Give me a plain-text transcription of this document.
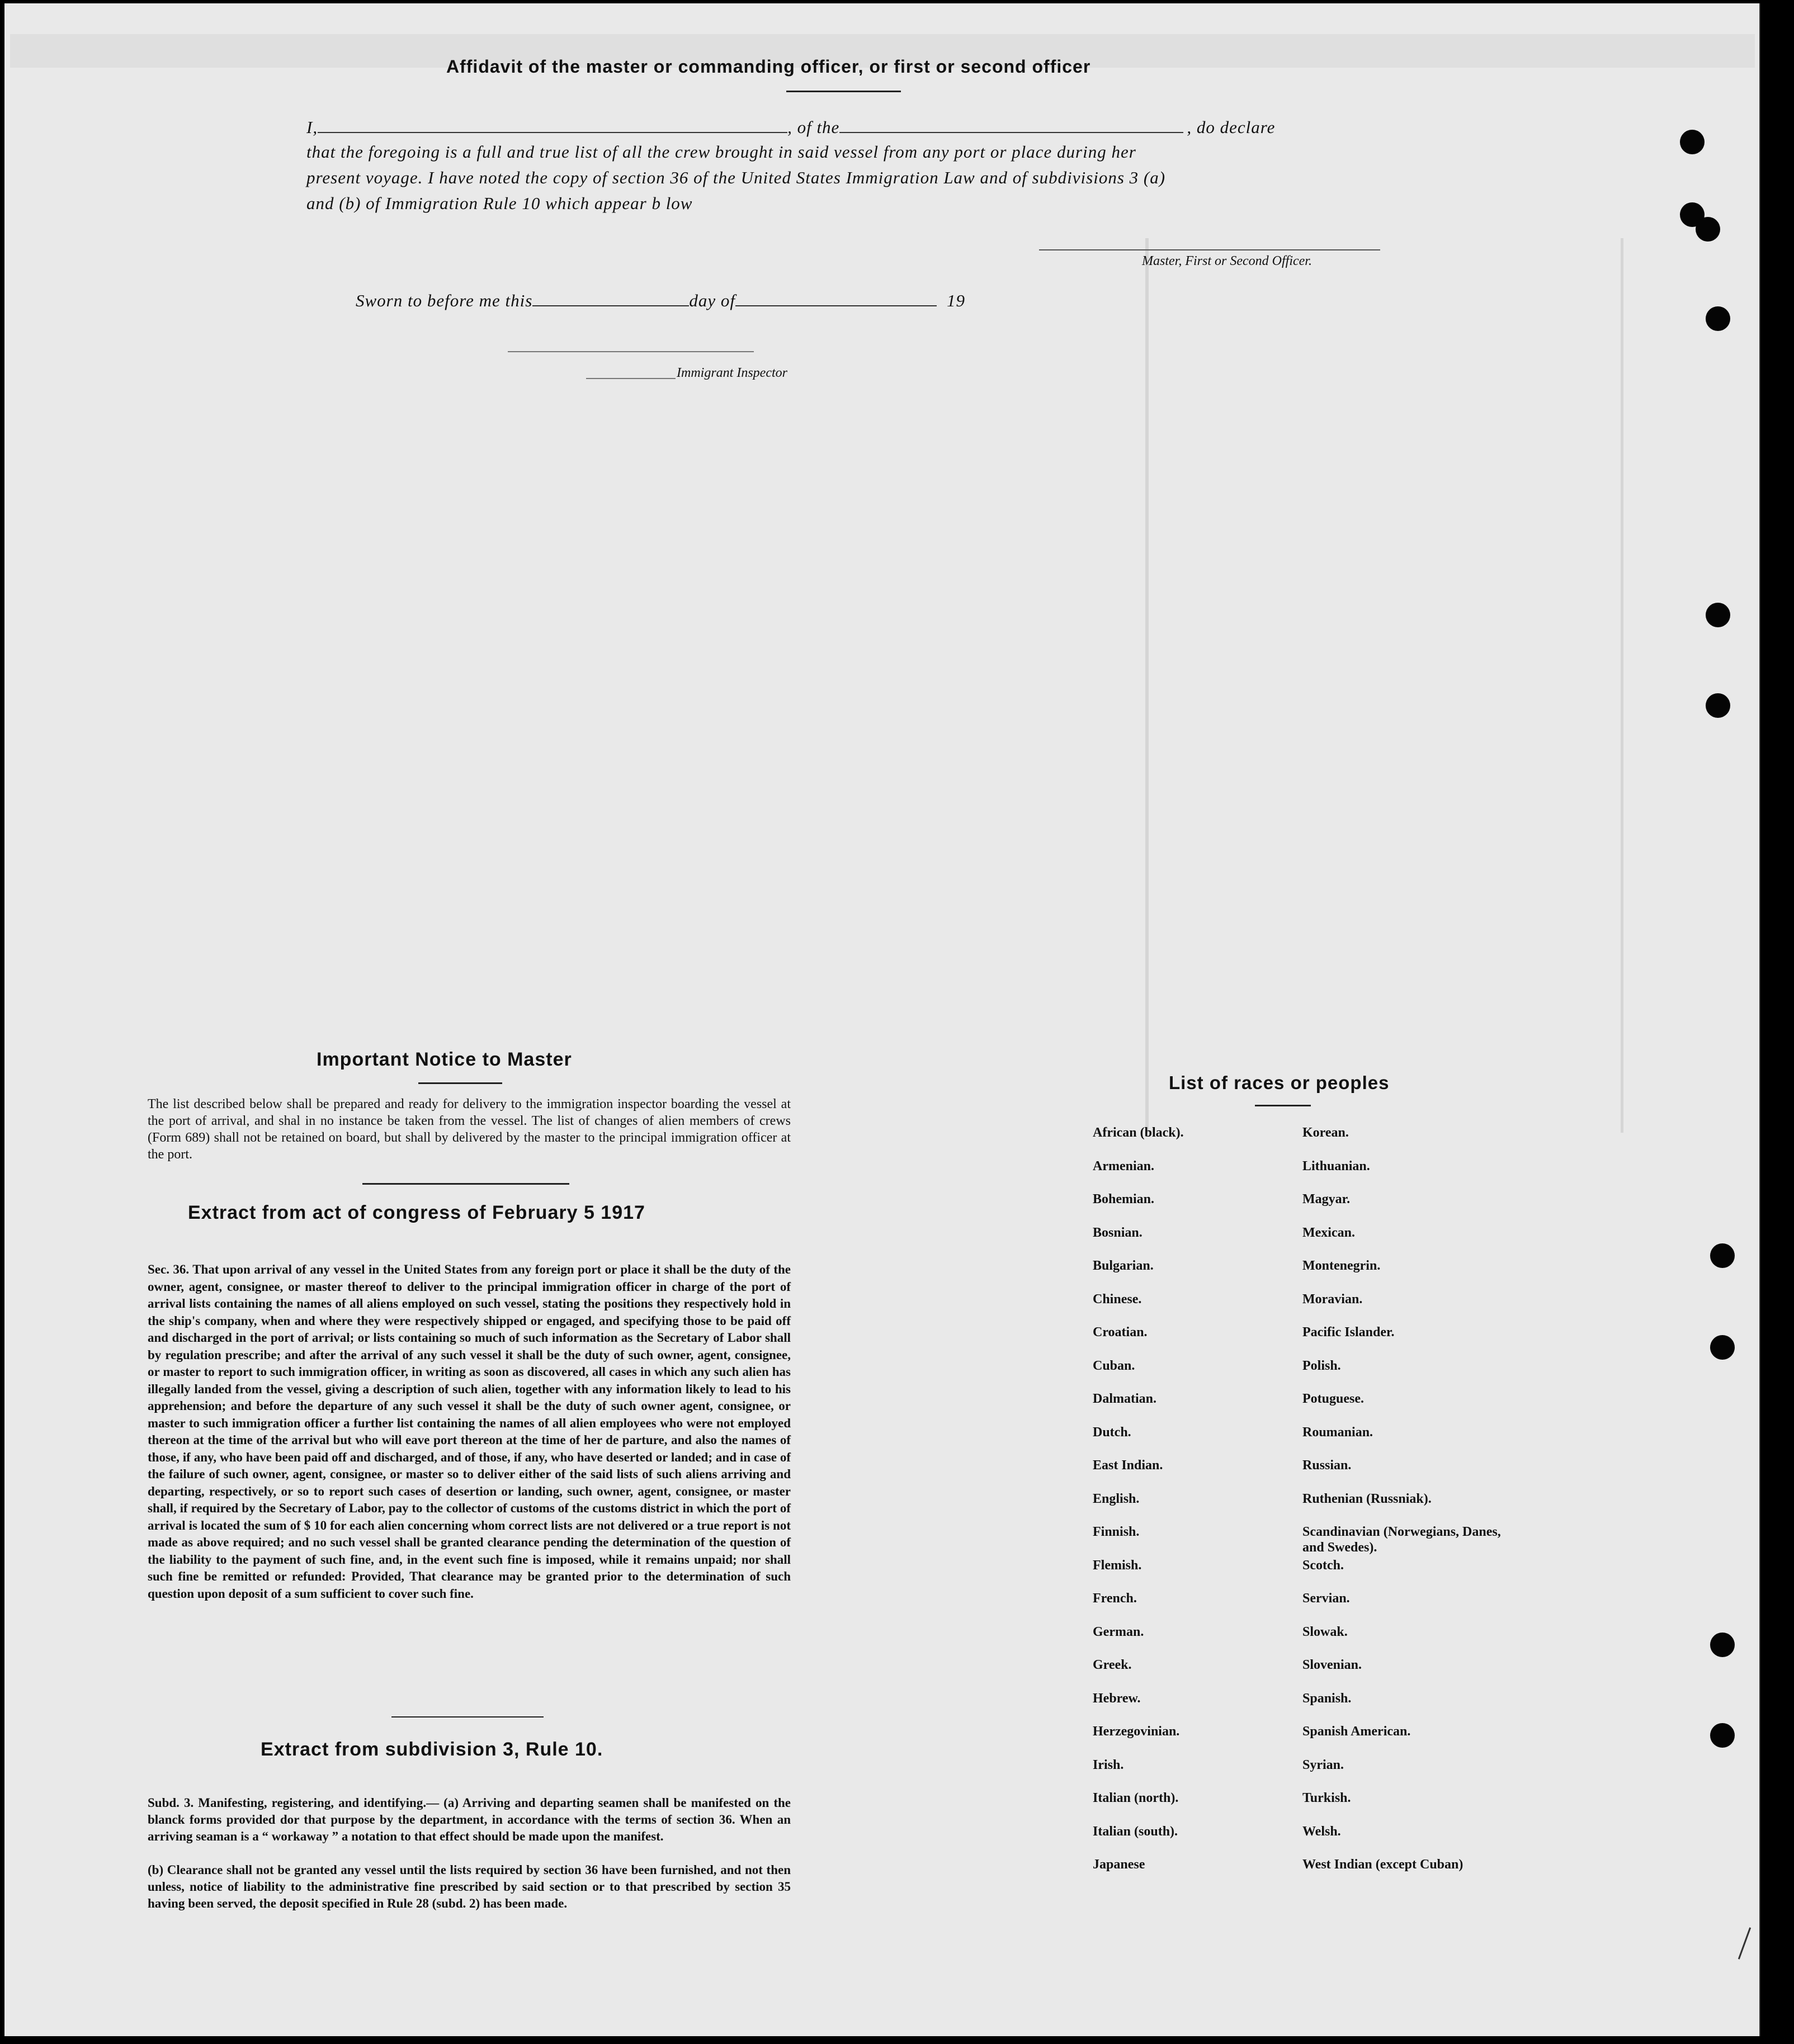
Affidavit of the master or commanding officer, or first or second officer
I,	, of the	, do declare
that the foregoing is a full and true list of all the crew brought in said vessel from any port or place during her
present voyage. I have noted the copy of section 36 of the United States Immigration Law and of subdivisions 3 (a)
and (b) of Immigration Rule 10 which appear b low
Master, First or Second Officer.
Sworn to before me this	day of	19
Immigrant Inspector
Important Notice to Master
The list described below shall be prepared and ready for delivery to the immigration inspector boarding the vessel at the port of arrival, and shal in no instance be taken from the vessel. The list of changes of alien members of crews (Form 689) shall not be retained on board, but shall by delivered by the master to the principal immigration officer at the port.
Extract from act of congress of February 5 1917
Sec. 36. That upon arrival of any vessel in the United States from any foreign port or place it shall be the duty of the owner, agent, consignee, or master thereof to deliver to the principal immigration officer in charge of the port of arrival lists containing the names of all aliens employed on such vessel, stating the positions they respectively hold in the ship's company, when and where they were respectively shipped or engaged, and specifying those to be paid off and discharged in the port of arrival; or lists containing so much of such information as the Secretary of Labor shall by regulation prescribe; and after the arrival of any such vessel it shall be the duty of such owner, agent, consignee, or master to report to such immigration officer, in writing as soon as discovered, all cases in which any such alien has illegally landed from the vessel, giving a description of such alien, together with any information likely to lead to his apprehension; and before the departure of any such vessel it shall be the duty of such owner agent, consignee, or master to such immigration officer a further list containing the names of all alien employees who were not employed thereon at the time of the arrival but who will eave port thereon at the time of her de parture, and also the names of those, if any, who have been paid off and discharged, and of those, if any, who have deserted or landed; and in case of the failure of such owner, agent, consignee, or master so to deliver either of the said lists of such aliens arriving and departing, respectively, or so to report such cases of desertion or landing, such owner, agent, consignee, or master shall, if required by the Secretary of Labor, pay to the collector of customs of the customs district in which the port of arrival is located the sum of $ 10 for each alien concerning whom correct lists are not delivered or a true report is not made as above required; and no such vessel shall be granted clearance pending the determination of the question of the liability to the payment of such fine, and, in the event such fine is imposed, while it remains unpaid; nor shall such fine be remitted or refunded: Provided, That clearance may be granted prior to the determination of such question upon deposit of a sum sufficient to cover such fine.
Extract from subdivision 3, Rule 10.
Subd. 3. Manifesting, registering, and identifying.— (a) Arriving and departing seamen shall be manifested on the blanck forms provided dor that purpose by the department, in accordance with the terms of section 36. When an arriving seaman is a “ workaway ” a notation to that effect should be made upon the manifest.
(b) Clearance shall not be granted any vessel until the lists required by section 36 have been furnished, and not then unless, notice of liability to the administrative fine prescribed by said section or to that prescribed by section 35 having been served, the deposit specified in Rule 28 (subd. 2) has been made.
List of races or peoples
African (black).	Korean.
Armenian.	Lithuanian.
Bohemian.	Magyar.
Bosnian.	Mexican.
Bulgarian.	Montenegrin.
Chinese.	Moravian.
Croatian.	Pacific Islander.
Cuban.	Polish.
Dalmatian.	Potuguese.
Dutch.	Roumanian.
East Indian.	Russian.
English.	Ruthenian (Russniak).
Finnish.	Scandinavian (Norwegians, Danes, and Swedes).
Flemish.	Scotch.
French.	Servian.
German.	Slowak.
Greek.	Slovenian.
Hebrew.	Spanish.
Herzegovinian.	Spanish American.
Irish.	Syrian.
Italian (north).	Turkish.
Italian (south).	Welsh.
Japanese	West Indian (except Cuban)
